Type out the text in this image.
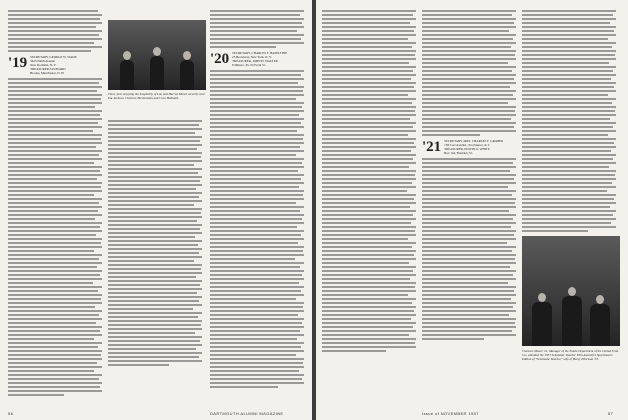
'19 SECRETARY, GEORGE W. WADE
3625 Ninth Avenue
New Rochelle, N. Y.
TREASURER, LEONARD
Brooks, Manchester, N. H.
Three 'pros enjoying the hospitality of Lou and Harriet Moore recently were Pat Jackson, Clarence Breitenstein and Coco Hubbard.
'20 SECRETARY, CHARLES F. HASELTINE
25 Broadway, New York, N. Y.
TREASURER, JOHN H. WALTER
Edinboro, Pa. 02 Front St.
56	DARTMOUTH ALUMNI MAGAZINE
'21 SECRETARY, MRS. CHARLES F. GRABER
138 Corcoran Rd., Providence, R. I.
TREASURER, EDWIN A. WHITE
Box 144, Brandon, Vt.
Clarence Moore '21, Manager of the Estate Department of the United Fruit Co., attended the 1957 Scholastic Teacher Film Award for Sportsman's Edition of "Scholastic Teacher," wife of Harry Ellerman '33.
Issue of NOVEMBER 1957	57
